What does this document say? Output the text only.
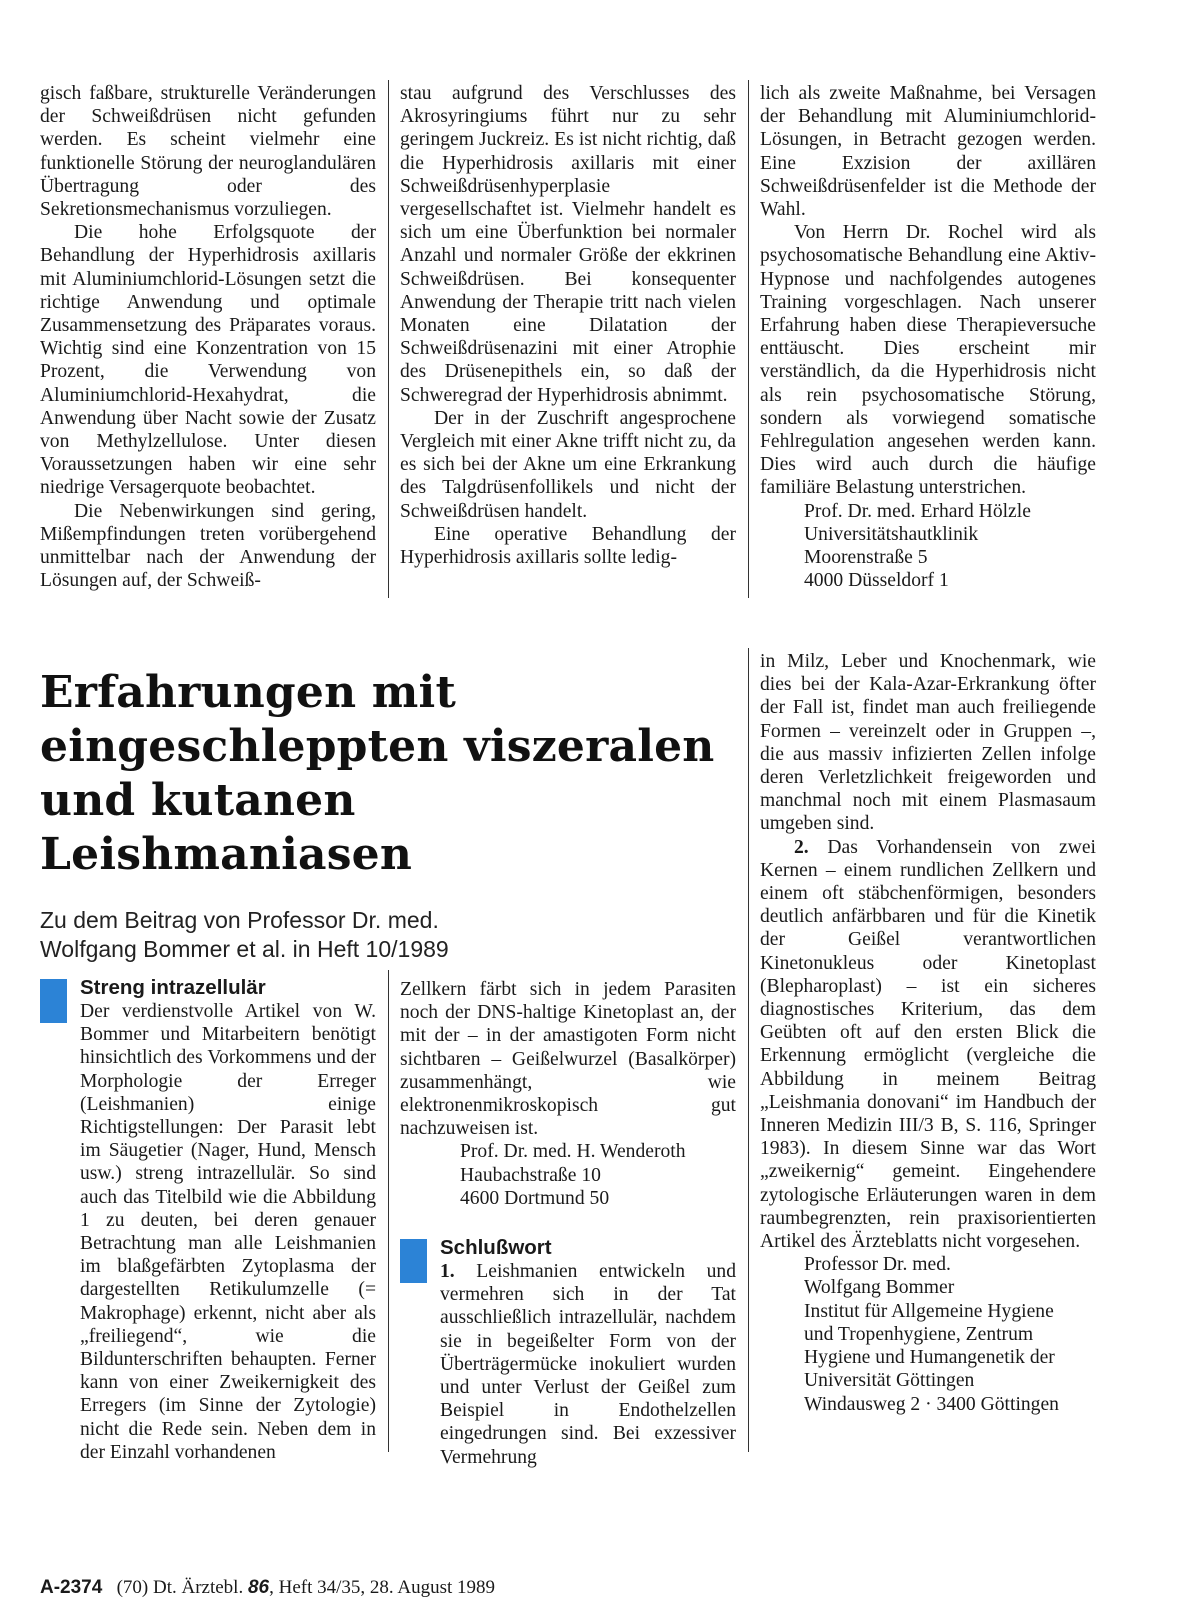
gisch faßbare, strukturelle Veränderungen der Schweißdrüsen nicht gefunden werden. Es scheint vielmehr eine funktionelle Störung der neuroglandulären Übertragung oder des Sekretionsmechanismus vorzuliegen.

Die hohe Erfolgsquote der Behandlung der Hyperhidrosis axillaris mit Aluminiumchlorid-Lösungen setzt die richtige Anwendung und optimale Zusammensetzung des Präparates voraus. Wichtig sind eine Konzentration von 15 Prozent, die Verwendung von Aluminiumchlorid-Hexahydrat, die Anwendung über Nacht sowie der Zusatz von Methylzellulose. Unter diesen Voraussetzungen haben wir eine sehr niedrige Versagerquote beobachtet.

Die Nebenwirkungen sind gering, Mißempfindungen treten vorübergehend unmittelbar nach der Anwendung der Lösungen auf, der Schweiß-

stau aufgrund des Verschlusses des Akrosyringiums führt nur zu sehr geringem Juckreiz. Es ist nicht richtig, daß die Hyperhidrosis axillaris mit einer Schweißdrüsenhyperplasie vergesellschaftet ist. Vielmehr handelt es sich um eine Überfunktion bei normaler Anzahl und normaler Größe der ekkrinen Schweißdrüsen. Bei konsequenter Anwendung der Therapie tritt nach vielen Monaten eine Dilatation der Schweißdrüsenazini mit einer Atrophie des Drüsenepithels ein, so daß der Schweregrad der Hyperhidrosis abnimmt.

Der in der Zuschrift angesprochene Vergleich mit einer Akne trifft nicht zu, da es sich bei der Akne um eine Erkrankung des Talgdrüsenfollikels und nicht der Schweißdrüsen handelt.

Eine operative Behandlung der Hyperhidrosis axillaris sollte ledig-

lich als zweite Maßnahme, bei Versagen der Behandlung mit Aluminiumchlorid-Lösungen, in Betracht gezogen werden. Eine Exzision der axillären Schweißdrüsenfelder ist die Methode der Wahl.

Von Herrn Dr. Rochel wird als psychosomatische Behandlung eine Aktiv-Hypnose und nachfolgendes autogenes Training vorgeschlagen. Nach unserer Erfahrung haben diese Therapieversuche enttäuscht. Dies erscheint mir verständlich, da die Hyperhidrosis nicht als rein psychosomatische Störung, sondern als vorwiegend somatische Fehlregulation angesehen werden kann. Dies wird auch durch die häufige familiäre Belastung unterstrichen.

Prof. Dr. med. Erhard Hölzle
Universitätshautklinik
Moorenstraße 5
4000 Düsseldorf 1
Erfahrungen mit eingeschleppten viszeralen und kutanen Leishmaniasen
Zu dem Beitrag von Professor Dr. med.
Wolfgang Bommer et al. in Heft 10/1989
Streng intrazellulär

Der verdienstvolle Artikel von W. Bommer und Mitarbeitern benötigt hinsichtlich des Vorkommens und der Morphologie der Erreger (Leishmanien) einige Richtigstellungen: Der Parasit lebt im Säugetier (Nager, Hund, Mensch usw.) streng intrazellulär. So sind auch das Titelbild wie die Abbildung 1 zu deuten, bei deren genauer Betrachtung man alle Leishmanien im blaßgefärbten Zytoplasma der dargestellten Retikulumzelle (= Makrophage) erkennt, nicht aber als „freiliegend“, wie die Bildunterschriften behaupten. Ferner kann von einer Zweikernigkeit des Erregers (im Sinne der Zytologie) nicht die Rede sein. Neben dem in der Einzahl vorhandenen

Zellkern färbt sich in jedem Parasiten noch der DNS-haltige Kinetoplast an, der mit der – in der amastigoten Form nicht sichtbaren – Geißelwurzel (Basalkörper) zusammenhängt, wie elektronenmikroskopisch gut nachzuweisen ist.

Prof. Dr. med. H. Wenderoth
Haubachstraße 10
4600 Dortmund 50
Schlußwort

1. Leishmanien entwickeln und vermehren sich in der Tat ausschließlich intrazellulär, nachdem sie in begeißelter Form von der Überträgermücke inokuliert wurden und unter Verlust der Geißel zum Beispiel in Endothelzellen eingedrungen sind. Bei exzessiver Vermehrung

in Milz, Leber und Knochenmark, wie dies bei der Kala-Azar-Erkrankung öfter der Fall ist, findet man auch freiliegende Formen – vereinzelt oder in Gruppen –, die aus massiv infizierten Zellen infolge deren Verletzlichkeit freigeworden und manchmal noch mit einem Plasmasaum umgeben sind.

2. Das Vorhandensein von zwei Kernen – einem rundlichen Zellkern und einem oft stäbchenförmigen, besonders deutlich anfärbbaren und für die Kinetik der Geißel verantwortlichen Kinetonukleus oder Kinetoplast (Blepharoplast) – ist ein sicheres diagnostisches Kriterium, das dem Geübten oft auf den ersten Blick die Erkennung ermöglicht (vergleiche die Abbildung in meinem Beitrag „Leishmania donovani“ im Handbuch der Inneren Medizin III/3 B, S. 116, Springer 1983). In diesem Sinne war das Wort „zweikernig“ gemeint. Eingehendere zytologische Erläuterungen waren in dem raumbegrenzten, rein praxisorientierten Artikel des Ärzteblatts nicht vorgesehen.

Professor Dr. med.
Wolfgang Bommer
Institut für Allgemeine Hygiene
und Tropenhygiene, Zentrum
Hygiene und Humangenetik der
Universität Göttingen
Windausweg 2 · 3400 Göttingen
A-2374 (70) Dt. Ärztebl. 86, Heft 34/35, 28. August 1989
